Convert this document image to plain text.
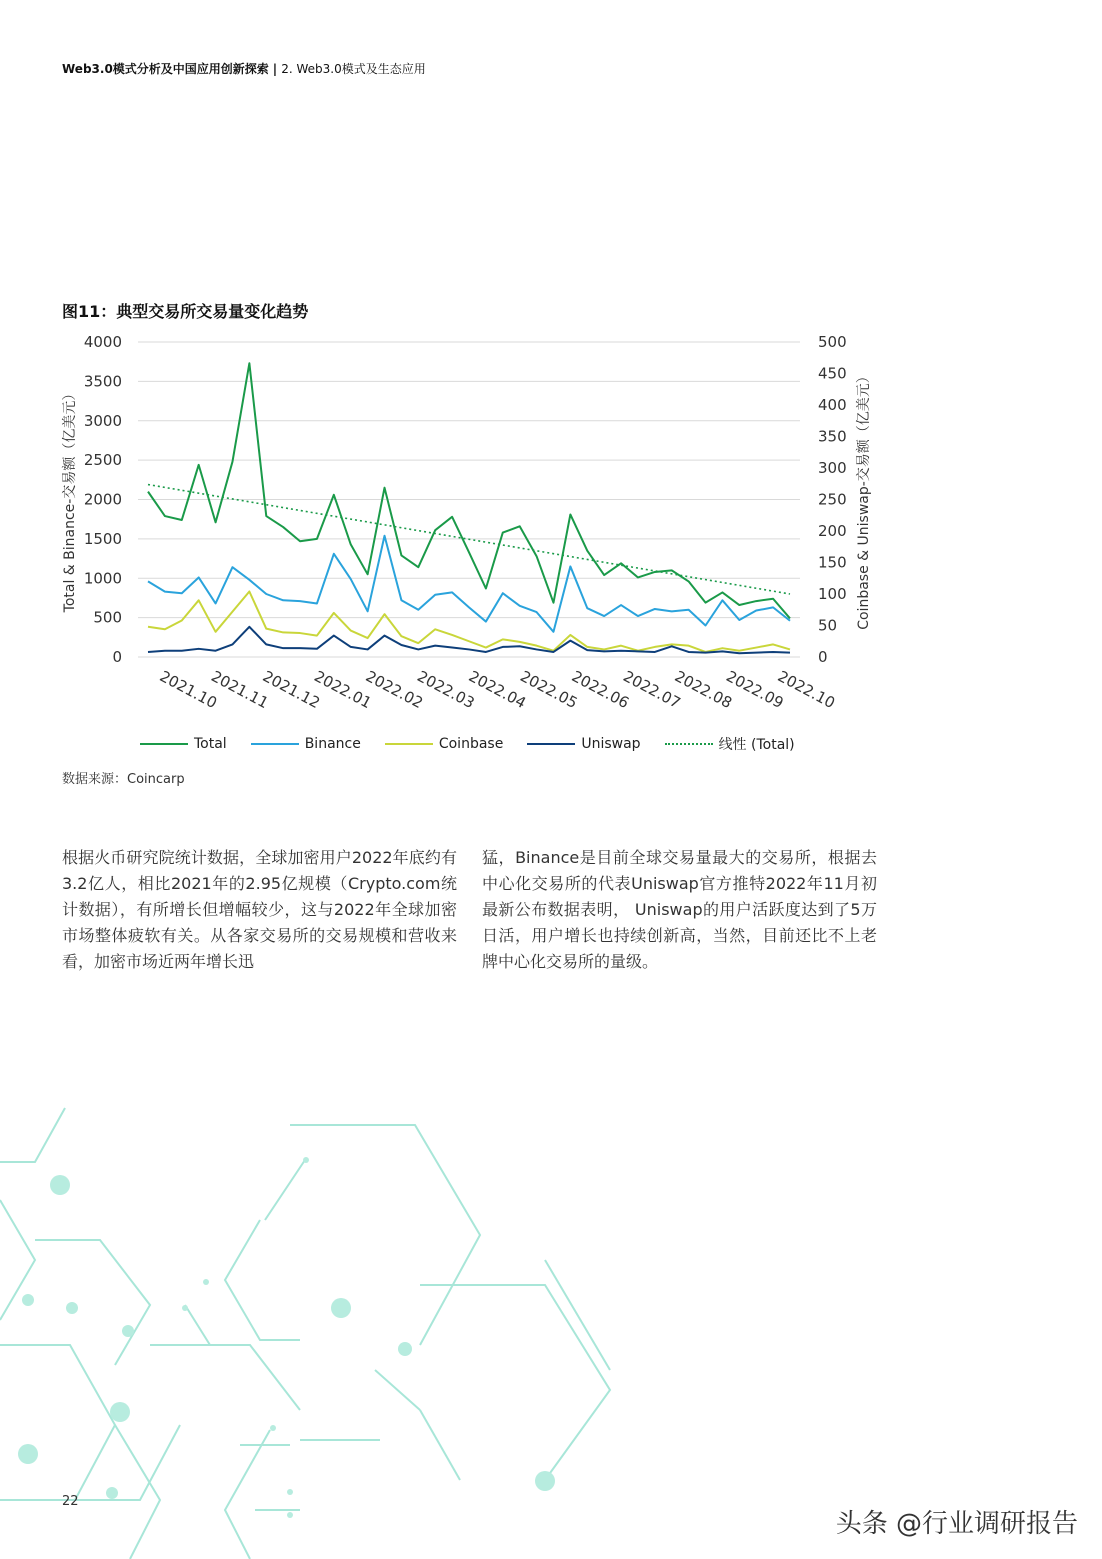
Web3.0模式分析及中国应用创新探索 | 2. Web3.0模式及生态应用
图11：典型交易所交易量变化趋势
0
500
1000
1500
2000
2500
3000
3500
4000
0
50
100
150
200
250
300
350
400
450
500
Total & Binance-交易额（亿美元）	Coinbase & Uniswap-交易额（亿美元）
2021.10
2021.11
2021.12
2022.01
2022.02
2022.03
2022.04
2022.05
2022.06
2022.07
2022.08
2022.09
2022.10
Total	Binance	Coinbase	Uniswap	线性 (Total)
数据来源：Coincarp
根据火币研究院统计数据，全球加密用户2022年底约有3.2亿人，相比2021年的2.95亿规模（Crypto.com统计数据），有所增长但增幅较少，这与2022年全球加密市场整体疲软有关。从各家交易所的交易规模和营收来看，加密市场近两年增长迅
猛，Binance是目前全球交易量最大的交易所，根据去中心化交易所的代表Uniswap官方推特2022年11月初最新公布数据表明， Uniswap的用户活跃度达到了5万日活，用户增长也持续创新高，当然，目前还比不上老牌中心化交易所的量级。
22
头条 @行业调研报告
